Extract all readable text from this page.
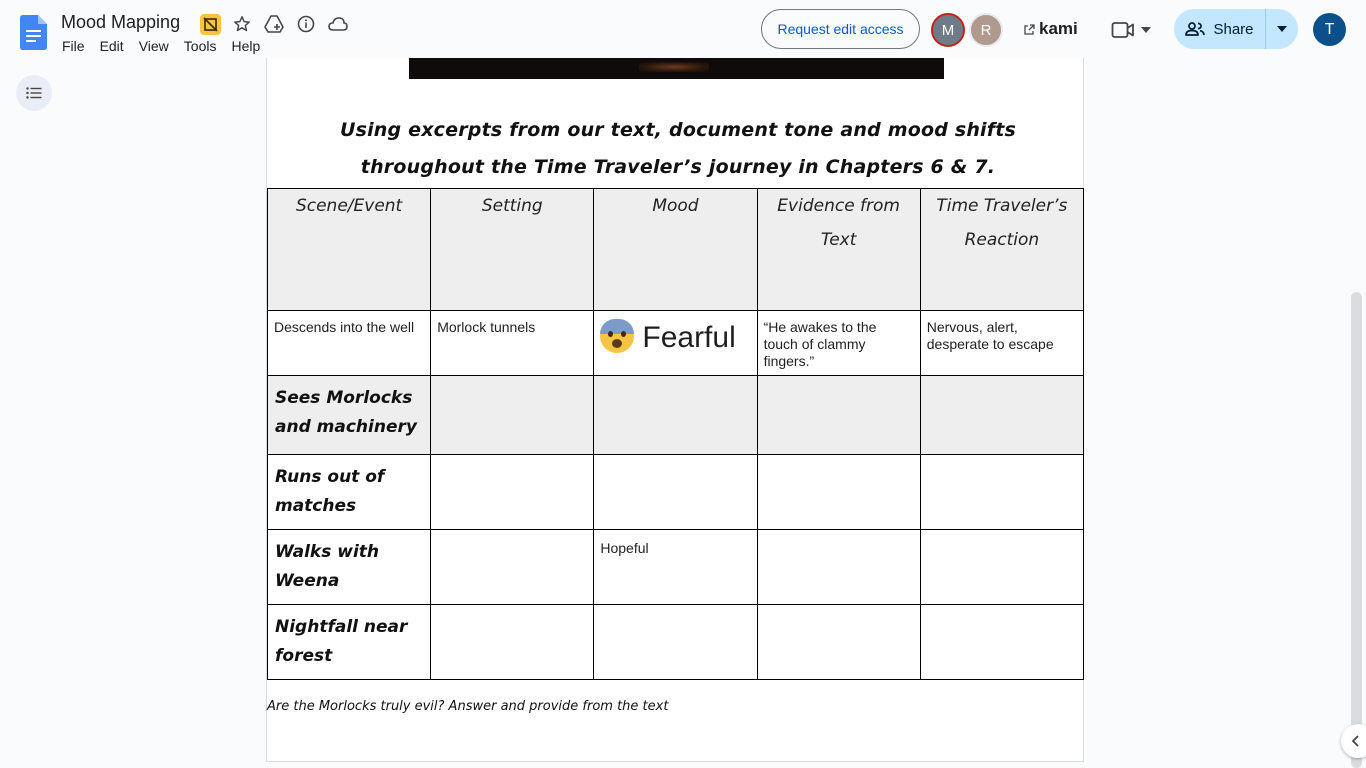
Mood Mapping
File Edit View Tools Help
Request edit access	M	R	kami	Share	T
Using excerpts from our text, document tone and mood shifts throughout the Time Traveler’s journey in Chapters 6 & 7.
Scene/Event	Setting	Mood	Evidence from Text	Time Traveler’s Reaction
Descends into the well	Morlock tunnels	Fearful	“He awakes to the touch of clammy fingers.”	Nervous, alert, desperate to escape
Sees Morlocks and machinery				
Runs out of matches				
Walks with Weena		Hopeful		
Nightfall near forest				
Are the Morlocks truly evil? Answer and provide from the text
